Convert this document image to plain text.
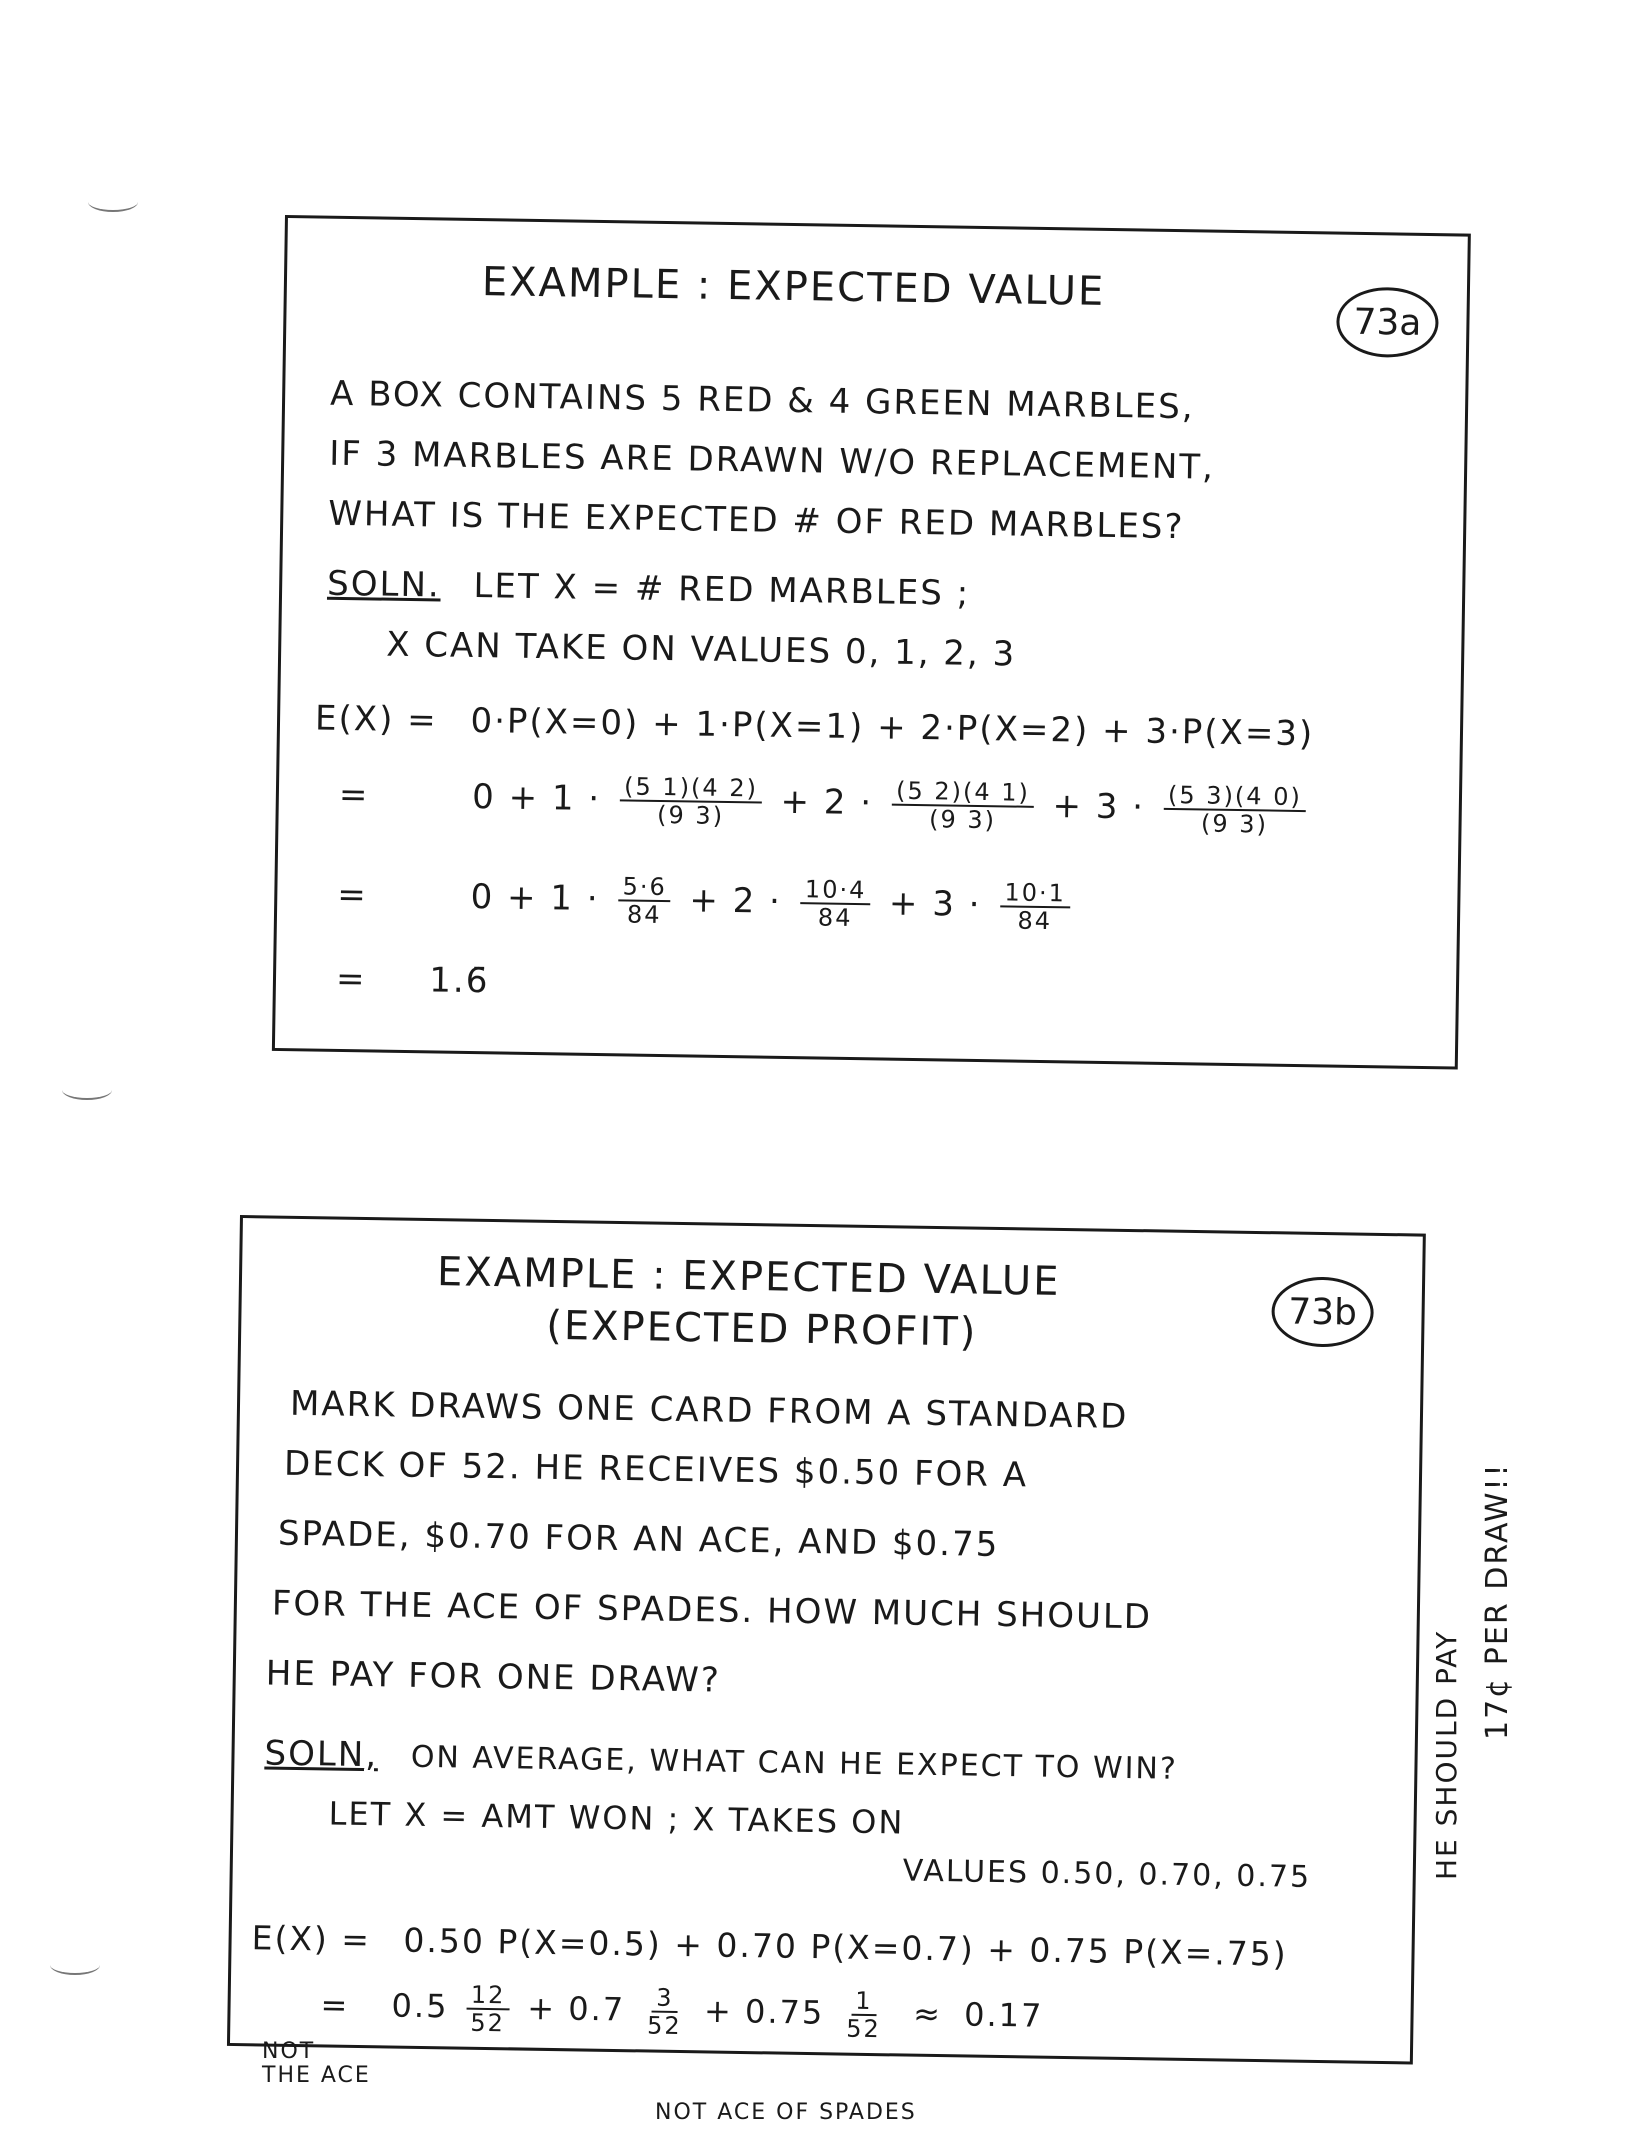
EXAMPLE : EXPECTED VALUE
73a
A BOX CONTAINS 5 RED & 4 GREEN MARBLES,
IF 3 MARBLES ARE DRAWN W/O REPLACEMENT,
WHAT IS THE EXPECTED # OF RED MARBLES?
SOLN. LET X = # RED MARBLES ;
X CAN TAKE ON VALUES 0, 1, 2, 3
E(X) = 0·P(X=0) + 1·P(X=1) + 2·P(X=2) + 3·P(X=3)
=	$0 + 1 \cdot \frac{(5 1)(4 2)}{(9 3)} + 2 \cdot \frac{(5 2)(4 1)}{(9 3)} + 3 \cdot \frac{(5 3)(4 0)}{(9 3)}$
=	$0 + 1 \cdot \frac{5\cdot 6}{84} + 2 \cdot \frac{10\cdot 4}{84} + 3 \cdot \frac{10\cdot 1}{84}$
= 1.6̄
EXAMPLE : EXPECTED VALUE
(EXPECTED PROFIT)	73b
MARK DRAWS ONE CARD FROM A STANDARD
DECK OF 52. HE RECEIVES $0.50 FOR A
SPADE, $0.70 FOR AN ACE, AND $0.75
FOR THE ACE OF SPADES. HOW MUCH SHOULD
HE PAY FOR ONE DRAW?
SOLN, ON AVERAGE, WHAT CAN HE EXPECT TO WIN?
LET X = AMT WON ; X TAKES ON
VALUES 0.50, 0.70, 0.75
E(X) = 0.50 P(X=0.5) + 0.70 P(X=0.7) + 0.75 P(X=.75)
= $0.5 \frac{12}{52} + 0.7 \frac{3}{52} + 0.75 \frac{1}{52} \approx 0.17$
NOT
THE ACE
NOT ACE OF SPADES
HE SHOULD PAY
17¢ PER DRAW!!
